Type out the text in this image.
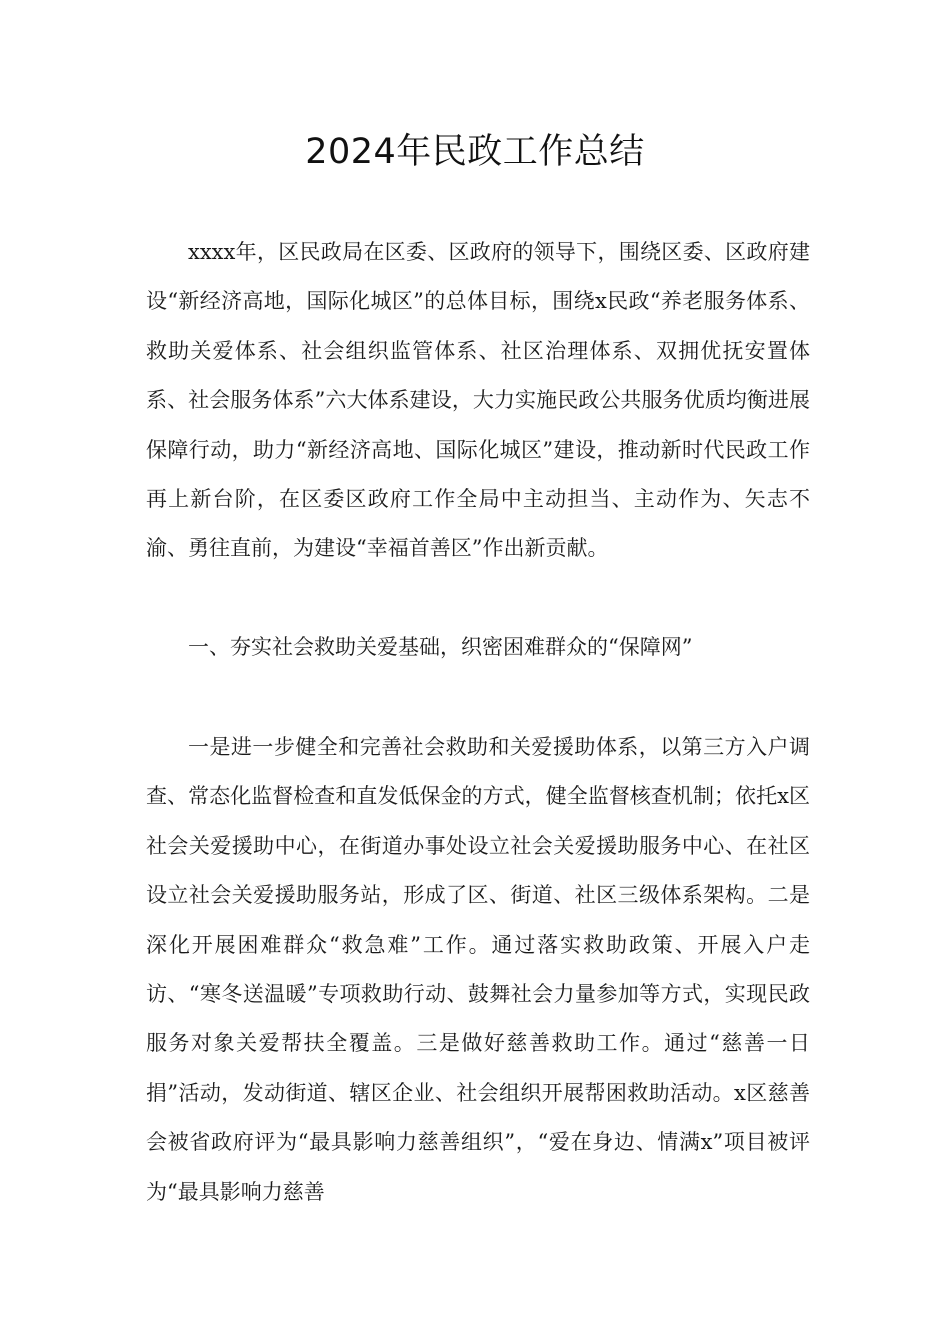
2024年民政工作总结

xxxx年，区民政局在区委、区政府的领导下，围绕区委、区政府建设“新经济高地，国际化城区”的总体目标，围绕x民政“养老服务体系、救助关爱体系、社会组织监管体系、社区治理体系、双拥优抚安置体系、社会服务体系”六大体系建设，大力实施民政公共服务优质均衡进展保障行动，助力“新经济高地、国际化城区”建设，推动新时代民政工作再上新台阶，在区委区政府工作全局中主动担当、主动作为、矢志不渝、勇往直前，为建设“幸福首善区”作出新贡献。

一、夯实社会救助关爱基础，织密困难群众的“保障网”

一是进一步健全和完善社会救助和关爱援助体系，以第三方入户调查、常态化监督检查和直发低保金的方式，健全监督核查机制；依托x区社会关爱援助中心，在街道办事处设立社会关爱援助服务中心、在社区设立社会关爱援助服务站，形成了区、街道、社区三级体系架构。二是深化开展困难群众“救急难”工作。通过落实救助政策、开展入户走访、“寒冬送温暖”专项救助行动、鼓舞社会力量参加等方式，实现民政服务对象关爱帮扶全覆盖。三是做好慈善救助工作。通过“慈善一日捐”活动，发动街道、辖区企业、社会组织开展帮困救助活动。x区慈善会被省政府评为“最具影响力慈善组织”，“爱在身边、情满x”项目被评为“最具影响力慈善
